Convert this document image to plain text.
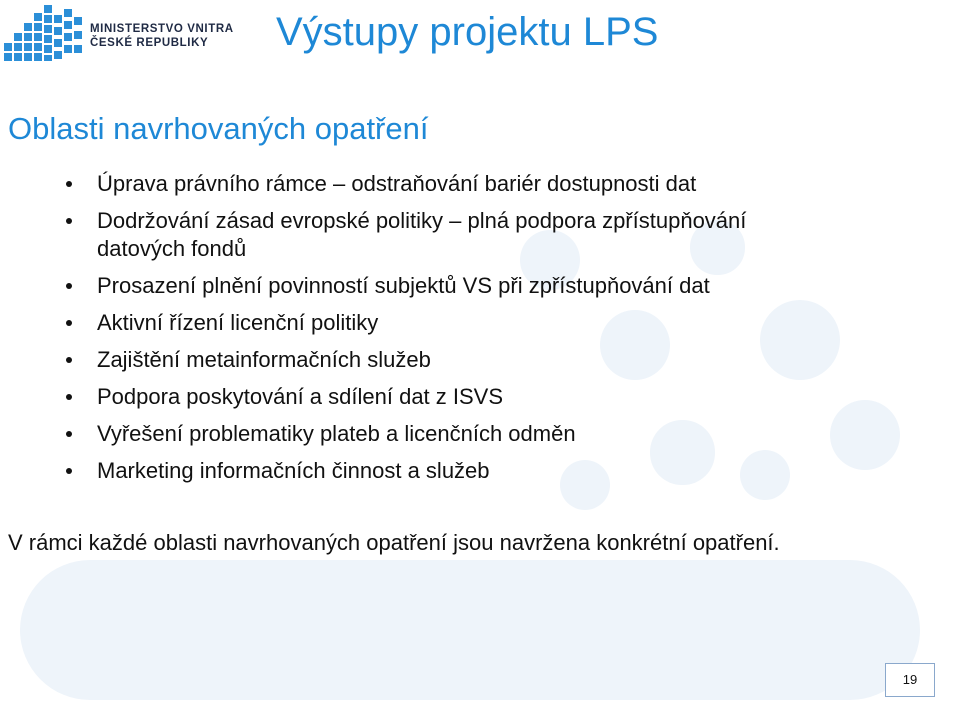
MINISTERSTVO VNITRA
ČESKÉ REPUBLIKY	Výstupy projektu LPS
Oblasti navrhovaných opatření
Úprava právního rámce – odstraňování bariér dostupnosti dat
Dodržování zásad evropské politiky – plná podpora zpřístupňování datových fondů
Prosazení plnění povinností subjektů VS při zpřístupňování dat
Aktivní řízení licenční politiky
Zajištění metainformačních služeb
Podpora poskytování a sdílení dat z ISVS
Vyřešení problematiky plateb a licenčních odměn
Marketing informačních činnost a služeb
V rámci každé oblasti navrhovaných opatření jsou navržena konkrétní opatření.
19
